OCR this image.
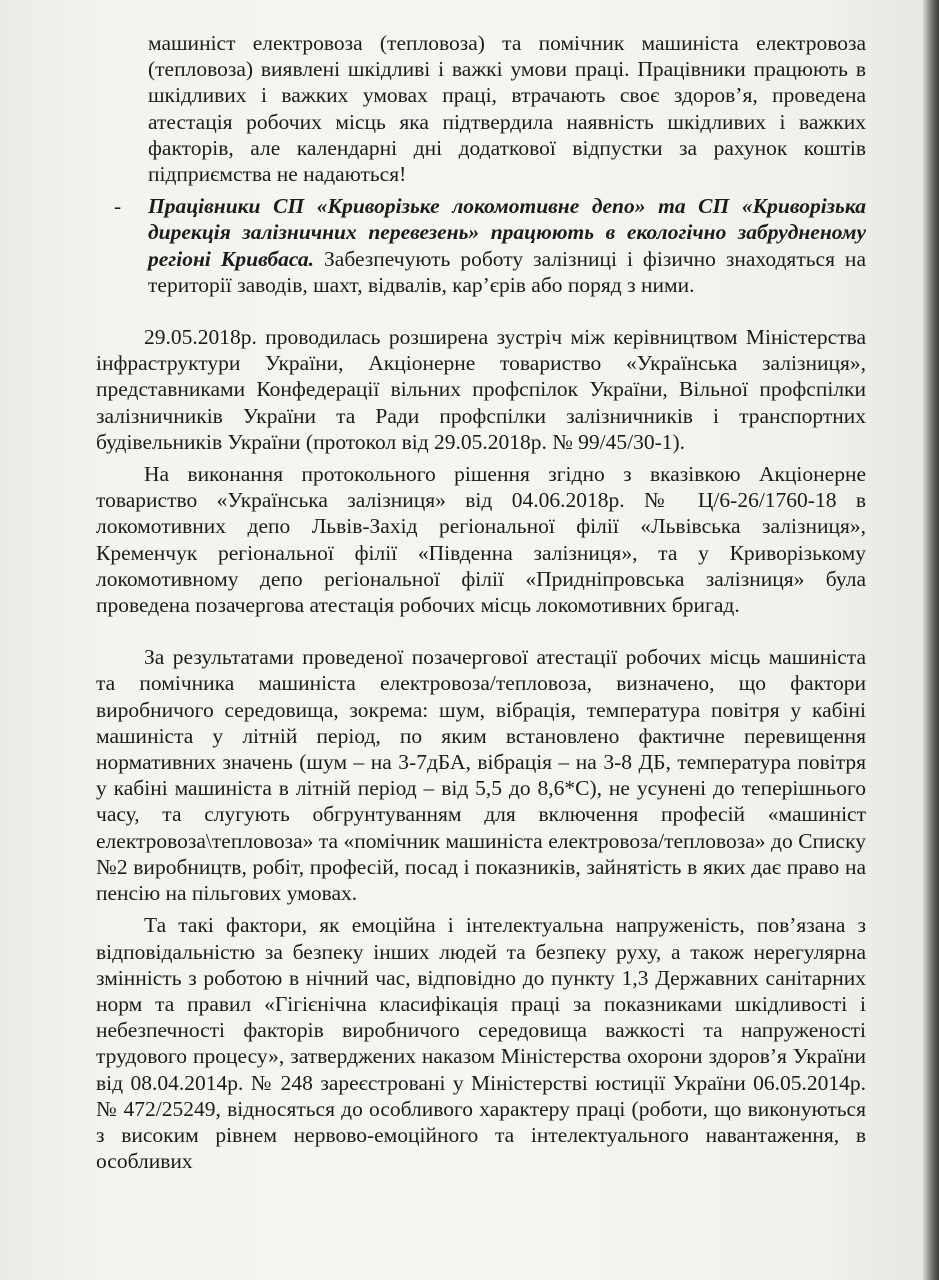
машиніст електровоза (тепловоза) та помічник машиніста електровоза (тепловоза) виявлені шкідливі і важкі умови праці. Працівники працюють в шкідливих і важких умовах праці, втрачають своє здоров’я, проведена атестація робочих місць яка підтвердила наявність шкідливих і важких факторів, але календарні дні додаткової відпустки за рахунок коштів підприємства не надаються!

- Працівники СП «Криворізьке локомотивне депо» та СП «Криворізька дирекція залізничних перевезень» працюють в екологічно забрудненому регіоні Кривбаса. Забезпечують роботу залізниці і фізично знаходяться на території заводів, шахт, відвалів, кар’єрів або поряд з ними.

29.05.2018р. проводилась розширена зустріч між керівництвом Міністерства інфраструктури України, Акціонерне товариство «Українська залізниця», представниками Конфедерації вільних профспілок України, Вільної профспілки залізничників України та Ради профспілки залізничників і транспортних будівельників України (протокол від 29.05.2018р. № 99/45/30-1).

На виконання протокольного рішення згідно з вказівкою Акціонерне товариство «Українська залізниця» від 04.06.2018р. № Ц/6-26/1760-18 в локомотивних депо Львів-Захід регіональної філії «Львівська залізниця», Кременчук регіональної філії «Південна залізниця», та у Криворізькому локомотивному депо регіональної філії «Придніпровська залізниця» була проведена позачергова атестація робочих місць локомотивних бригад.

За результатами проведеної позачергової атестації робочих місць машиніста та помічника машиніста електровоза/тепловоза, визначено, що фактори виробничого середовища, зокрема: шум, вібрація, температура повітря у кабіні машиніста у літній період, по яким встановлено фактичне перевищення нормативних значень (шум – на 3-7дБА, вібрація – на 3-8 ДБ, температура повітря у кабіні машиніста в літній період – від 5,5 до 8,6*С), не усунені до теперішнього часу, та слугують обгрунтуванням для включення професій «машиніст електровоза\тепловоза» та «помічник машиніста електровоза/тепловоза» до Списку №2 виробництв, робіт, професій, посад і показників, зайнятість в яких дає право на пенсію на пільгових умовах.

Та такі фактори, як емоційна і інтелектуальна напруженість, пов’язана з відповідальністю за безпеку інших людей та безпеку руху, а також нерегулярна змінність з роботою в нічний час, відповідно до пункту 1,3 Державних санітарних норм та правил «Гігієнічна класифікація праці за показниками шкідливості і небезпечності факторів виробничого середовища важкості та напруженості трудового процесу», затверджених наказом Міністерства охорони здоров’я України від 08.04.2014р. № 248 зареєстровані у Міністерстві юстиції України 06.05.2014р. № 472/25249, відносяться до особливого характеру праці (роботи, що виконуються з високим рівнем нервово-емоційного та інтелектуального навантаження, в особливих
